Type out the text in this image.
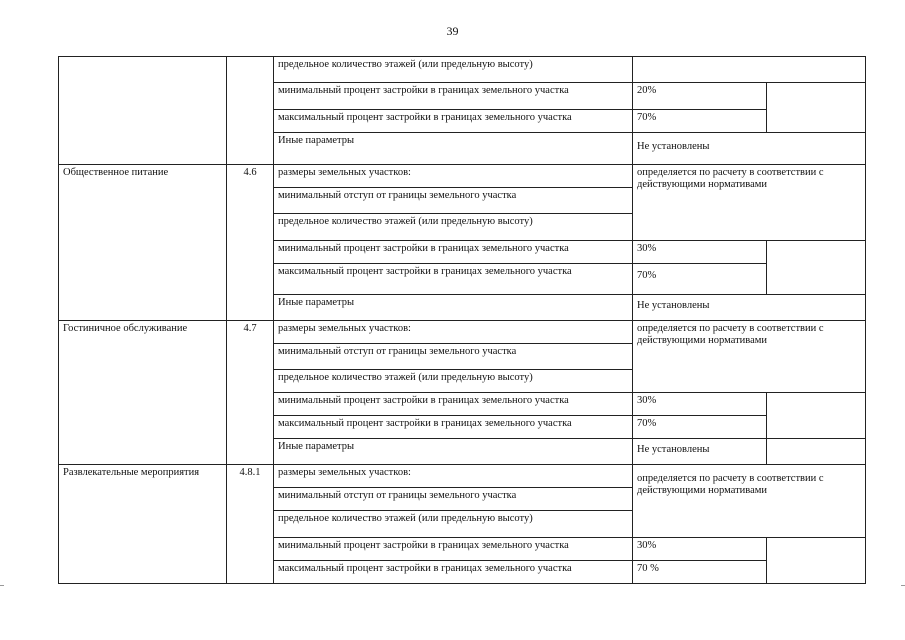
39
		предельное количество этажей (или предельную высоту)		
		минимальный процент застройки в границах земельного участка	20%	
		максимальный процент застройки в границах земельного участка	70%	
		Иные параметры	Не установлены	
Общественное питание	4.6	размеры земельных участков:	определяется по расчету в соответствии с действующими нормативами	
		минимальный отступ от границы земельного участка		
		предельное количество этажей (или предельную высоту)		
		минимальный процент застройки в границах земельного участка	30%	
		максимальный процент застройки в границах земельного участка	70%	
		Иные параметры	Не установлены	
Гостиничное обслуживание	4.7	размеры земельных участков:	определяется по расчету в соответствии с действующими нормативами	
		минимальный отступ от границы земельного участка		
		предельное количество этажей (или предельную высоту)		
		минимальный процент застройки в границах земельного участка	30%	
		максимальный процент застройки в границах земельного участка	70%	
		Иные параметры	Не установлены	
Развлекательные мероприятия	4.8.1	размеры земельных участков:	определяется по расчету в соответствии с действующими нормативами	
		минимальный отступ от границы земельного участка		
		предельное количество этажей (или предельную высоту)		
		минимальный процент застройки в границах земельного участка	30%	
		максимальный процент застройки в границах земельного участка	70 %	
